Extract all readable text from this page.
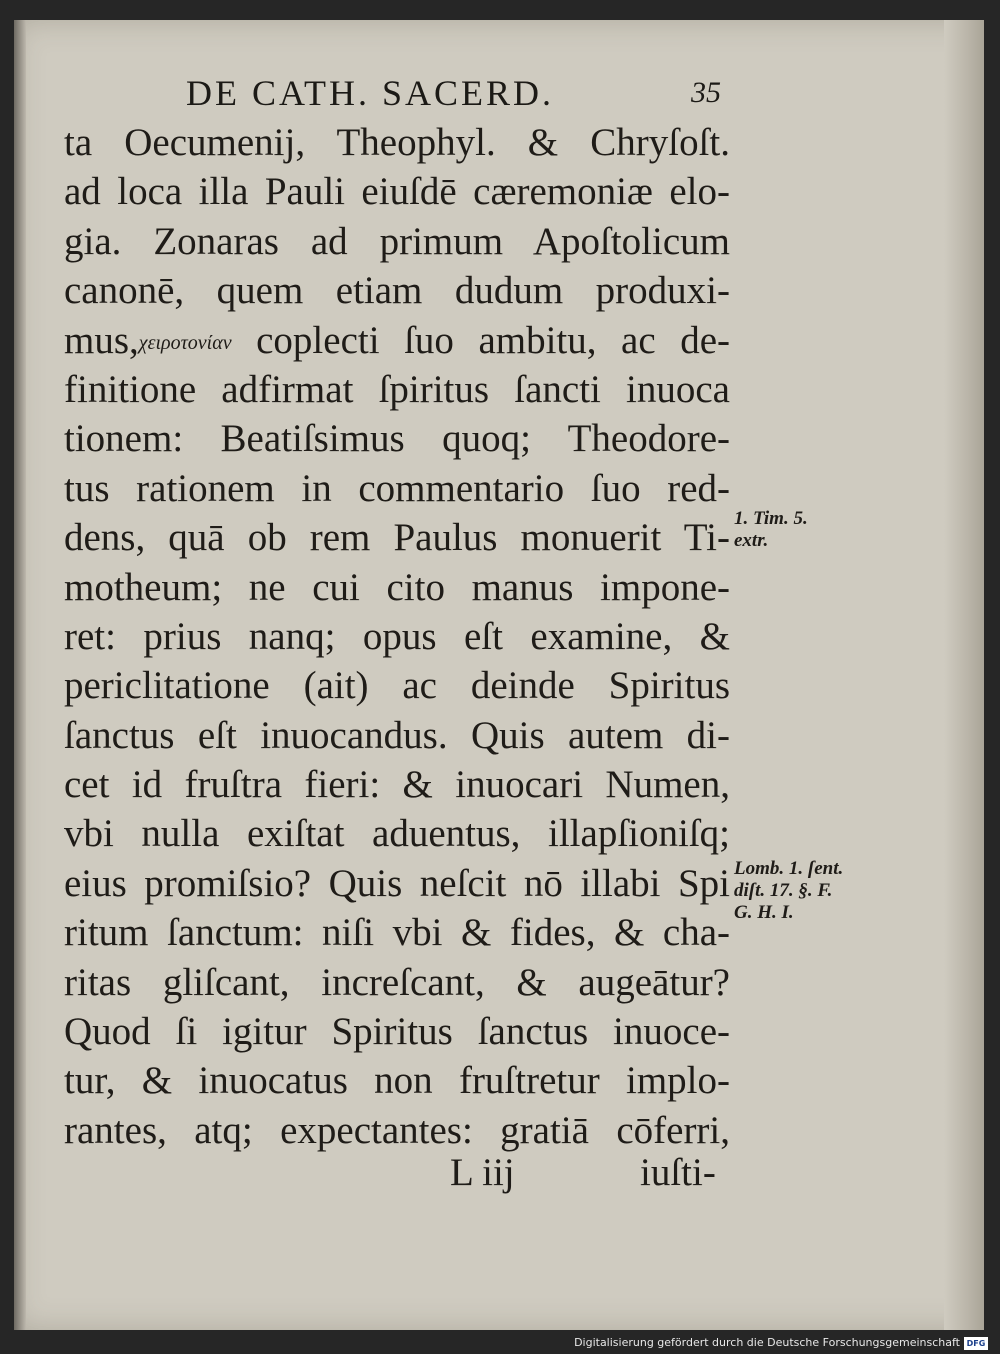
DE CATH. SACERD.	35
ta Oecumenij, Theophyl. & Chryſoſt.
ad loca illa Pauli eiuſdē cæremoniæ elo-
gia. Zonaras ad primum Apoſtolicum
canonē, quem etiam dudum produxi-
mus,χειροτονίαν coplecti ſuo ambitu, ac de-
finitione adfirmat ſpiritus ſancti inuoca
tionem: Beatiſsimus quoq; Theodore-
tus rationem in commentario ſuo red-
dens, quā ob rem Paulus monuerit Ti-
motheum; ne cui cito manus impone-
ret: prius nanq; opus eſt examine, &
periclitatione (ait) ac deinde Spiritus
ſanctus eſt inuocandus. Quis autem di-
cet id fruſtra fieri: & inuocari Numen,
vbi nulla exiſtat aduentus, illapſioniſq;
eius promiſsio? Quis neſcit nō illabi Spi
ritum ſanctum: niſi vbi & fides, & cha-
ritas gliſcant, increſcant, & augeātur?
Quod ſi igitur Spiritus ſanctus inuoce-
tur, & inuocatus non fruſtretur implo-
rantes, atq; expectantes: gratiā cōferri,
L iij	iuſti-
1. Tim. 5.
extr.
Lomb. 1. ſent.
diſt. 17. §. F.
G. H. I.
Digitalisierung gefördert durch die Deutsche Forschungsgemeinschaft DFG
